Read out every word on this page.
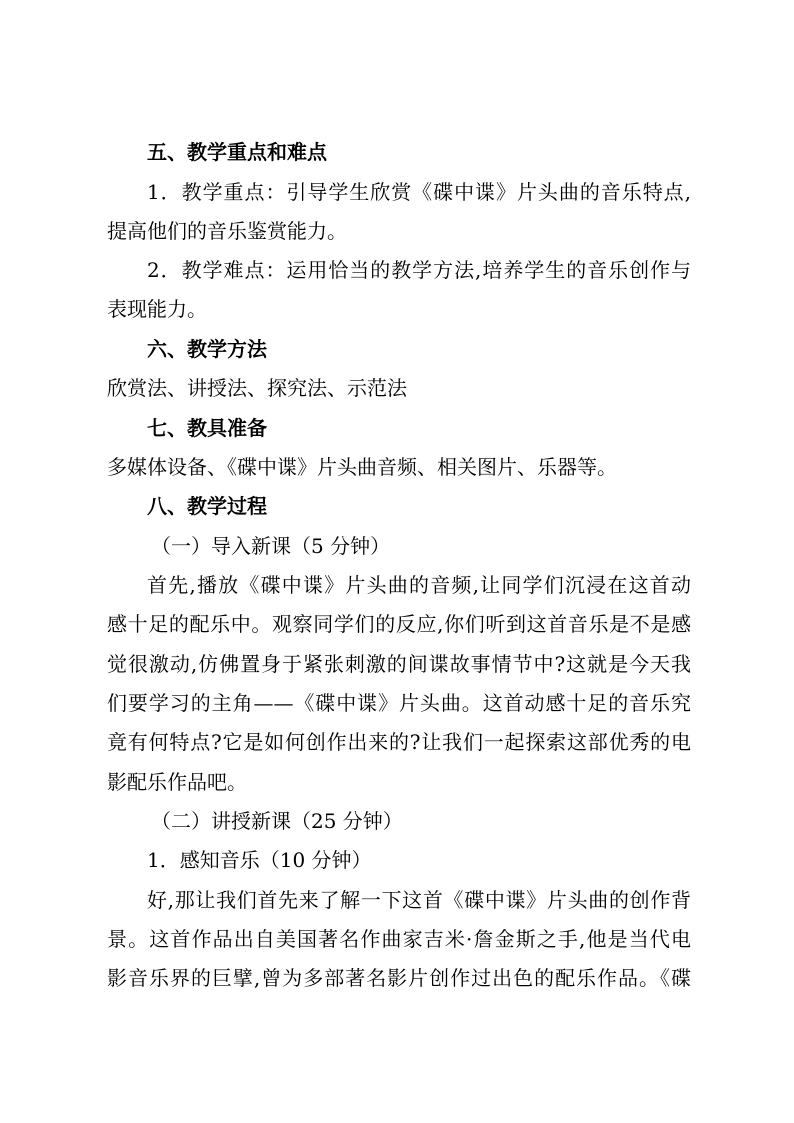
五、教学重点和难点
1．教学重点：引导学生欣赏《碟中谍》片头曲的音乐特点,
提高他们的音乐鉴赏能力。
2．教学难点：运用恰当的教学方法,培养学生的音乐创作与
表现能力。
六、教学方法
欣赏法、讲授法、探究法、示范法
七、教具准备
多媒体设备、《碟中谍》片头曲音频、相关图片、乐器等。
八、教学过程
（一）导入新课（5 分钟）
首先,播放《碟中谍》片头曲的音频,让同学们沉浸在这首动
感十足的配乐中。观察同学们的反应,你们听到这首音乐是不是感
觉很激动,仿佛置身于紧张刺激的间谍故事情节中?这就是今天我
们要学习的主角——《碟中谍》片头曲。这首动感十足的音乐究
竟有何特点?它是如何创作出来的?让我们一起探索这部优秀的电
影配乐作品吧。
（二）讲授新课（25 分钟）
1．感知音乐（10 分钟）
好,那让我们首先来了解一下这首《碟中谍》片头曲的创作背
景。这首作品出自美国著名作曲家吉米·詹金斯之手,他是当代电
影音乐界的巨擘,曾为多部著名影片创作过出色的配乐作品。《碟
